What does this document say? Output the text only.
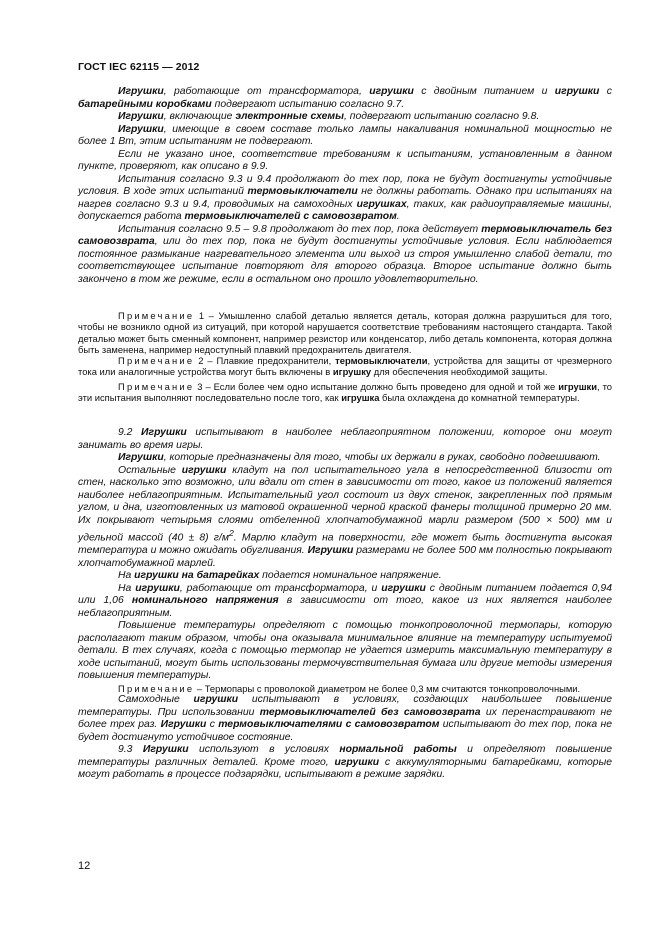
ГОСТ IEC 62115 — 2012
Игрушки, работающие от трансформатора, игрушки с двойным питанием и игрушки с батарейными коробками подвергают испытанию согласно 9.7.
Игрушки, включающие электронные схемы, подвергают испытанию согласно 9.8.
Игрушки, имеющие в своем составе только лампы накаливания номинальной мощностью не более 1 Вт, этим испытаниям не подвергают.
Если не указано иное, соответствие требованиям к испытаниям, установленным в данном пункте, проверяют, как описано в 9.9.
Испытания согласно 9.3 и 9.4 продолжают до тех пор, пока не будут достигнуты устойчивые условия. В ходе этих испытаний термовыключатели не должны работать. Однако при испытаниях на нагрев согласно 9.3 и 9.4, проводимых на самоходных игрушках, таких, как радиоуправляемые машины, допускается работа термовыключателей с самовозвратом.
Испытания согласно 9.5 – 9.8 продолжают до тех пор, пока действует термовыключатель без самовозврата, или до тех пор, пока не будут достигнуты устойчивые условия. Если наблюдается постоянное размыкание нагревательного элемента или выход из строя умышленно слабой детали, то соответствующее испытание повторяют для второго образца. Второе испытание должно быть закончено в том же режиме, если в остальном оно прошло удовлетворительно.
Примечание 1 – Умышленно слабой деталью является деталь, которая должна разрушиться для того, чтобы не возникло одной из ситуаций, при которой нарушается соответствие требованиям настоящего стандарта. Такой деталью может быть сменный компонент, например резистор или конденсатор, либо деталь компонента, которая должна быть заменена, например недоступный плавкий предохранитель двигателя.
Примечание 2 – Плавкие предохранители, термовыключатели, устройства для защиты от чрезмерного тока или аналогичные устройства могут быть включены в игрушку для обеспечения необходимой защиты.
Примечание 3 – Если более чем одно испытание должно быть проведено для одной и той же игрушки, то эти испытания выполняют последовательно после того, как игрушка была охлаждена до комнатной температуры.
9.2 Игрушки испытывают в наиболее неблагоприятном положении, которое они могут занимать во время игры.
Игрушки, которые предназначены для того, чтобы их держали в руках, свободно подвешивают.
Остальные игрушки кладут на пол испытательного угла в непосредственной близости от стен, насколько это возможно, или вдали от стен в зависимости от того, какое из положений является наиболее неблагоприятным. Испытательный угол состоит из двух стенок, закрепленных под прямым углом, и дна, изготовленных из матовой окрашенной черной краской фанеры толщиной примерно 20 мм. Их покрывают четырьмя слоями отбеленной хлопчатобумажной марли размером (500 × 500) мм и удельной массой (40 ± 8) $г/м^2$. Марлю кладут на поверхности, где может быть достигнута высокая температура и можно ожидать обугливания. Игрушки размерами не более 500 мм полностью покрывают хлопчатобумажной марлей.
На игрушки на батарейках подается номинальное напряжение.
На игрушки, работающие от трансформатора, и игрушки с двойным питанием подается 0,94 или 1,06 номинального напряжения в зависимости от того, какое из них является наиболее неблагоприятным.
Повышение температуры определяют с помощью тонкопроволочной термопары, которую располагают таким образом, чтобы она оказывала минимальное влияние на температуру испытуемой детали. В тех случаях, когда с помощью термопар не удается измерить максимальную температуру в ходе испытаний, могут быть использованы термочувствительная бумага или другие методы измерения повышения температуры.
Примечание – Термопары с проволокой диаметром не более 0,3 мм считаются тонкопроволочными.
Самоходные игрушки испытывают в условиях, создающих наибольшее повышение температуры. При использовании термовыключателей без самовозврата их перенастраивают не более трех раз. Игрушки с термовыключателями с самовозвратом испытывают до тех пор, пока не будет достигнуто устойчивое состояние.
9.3 Игрушки используют в условиях нормальной работы и определяют повышение температуры различных деталей. Кроме того, игрушки с аккумуляторными батарейками, которые могут работать в процессе подзарядки, испытывают в режиме зарядки.
12
